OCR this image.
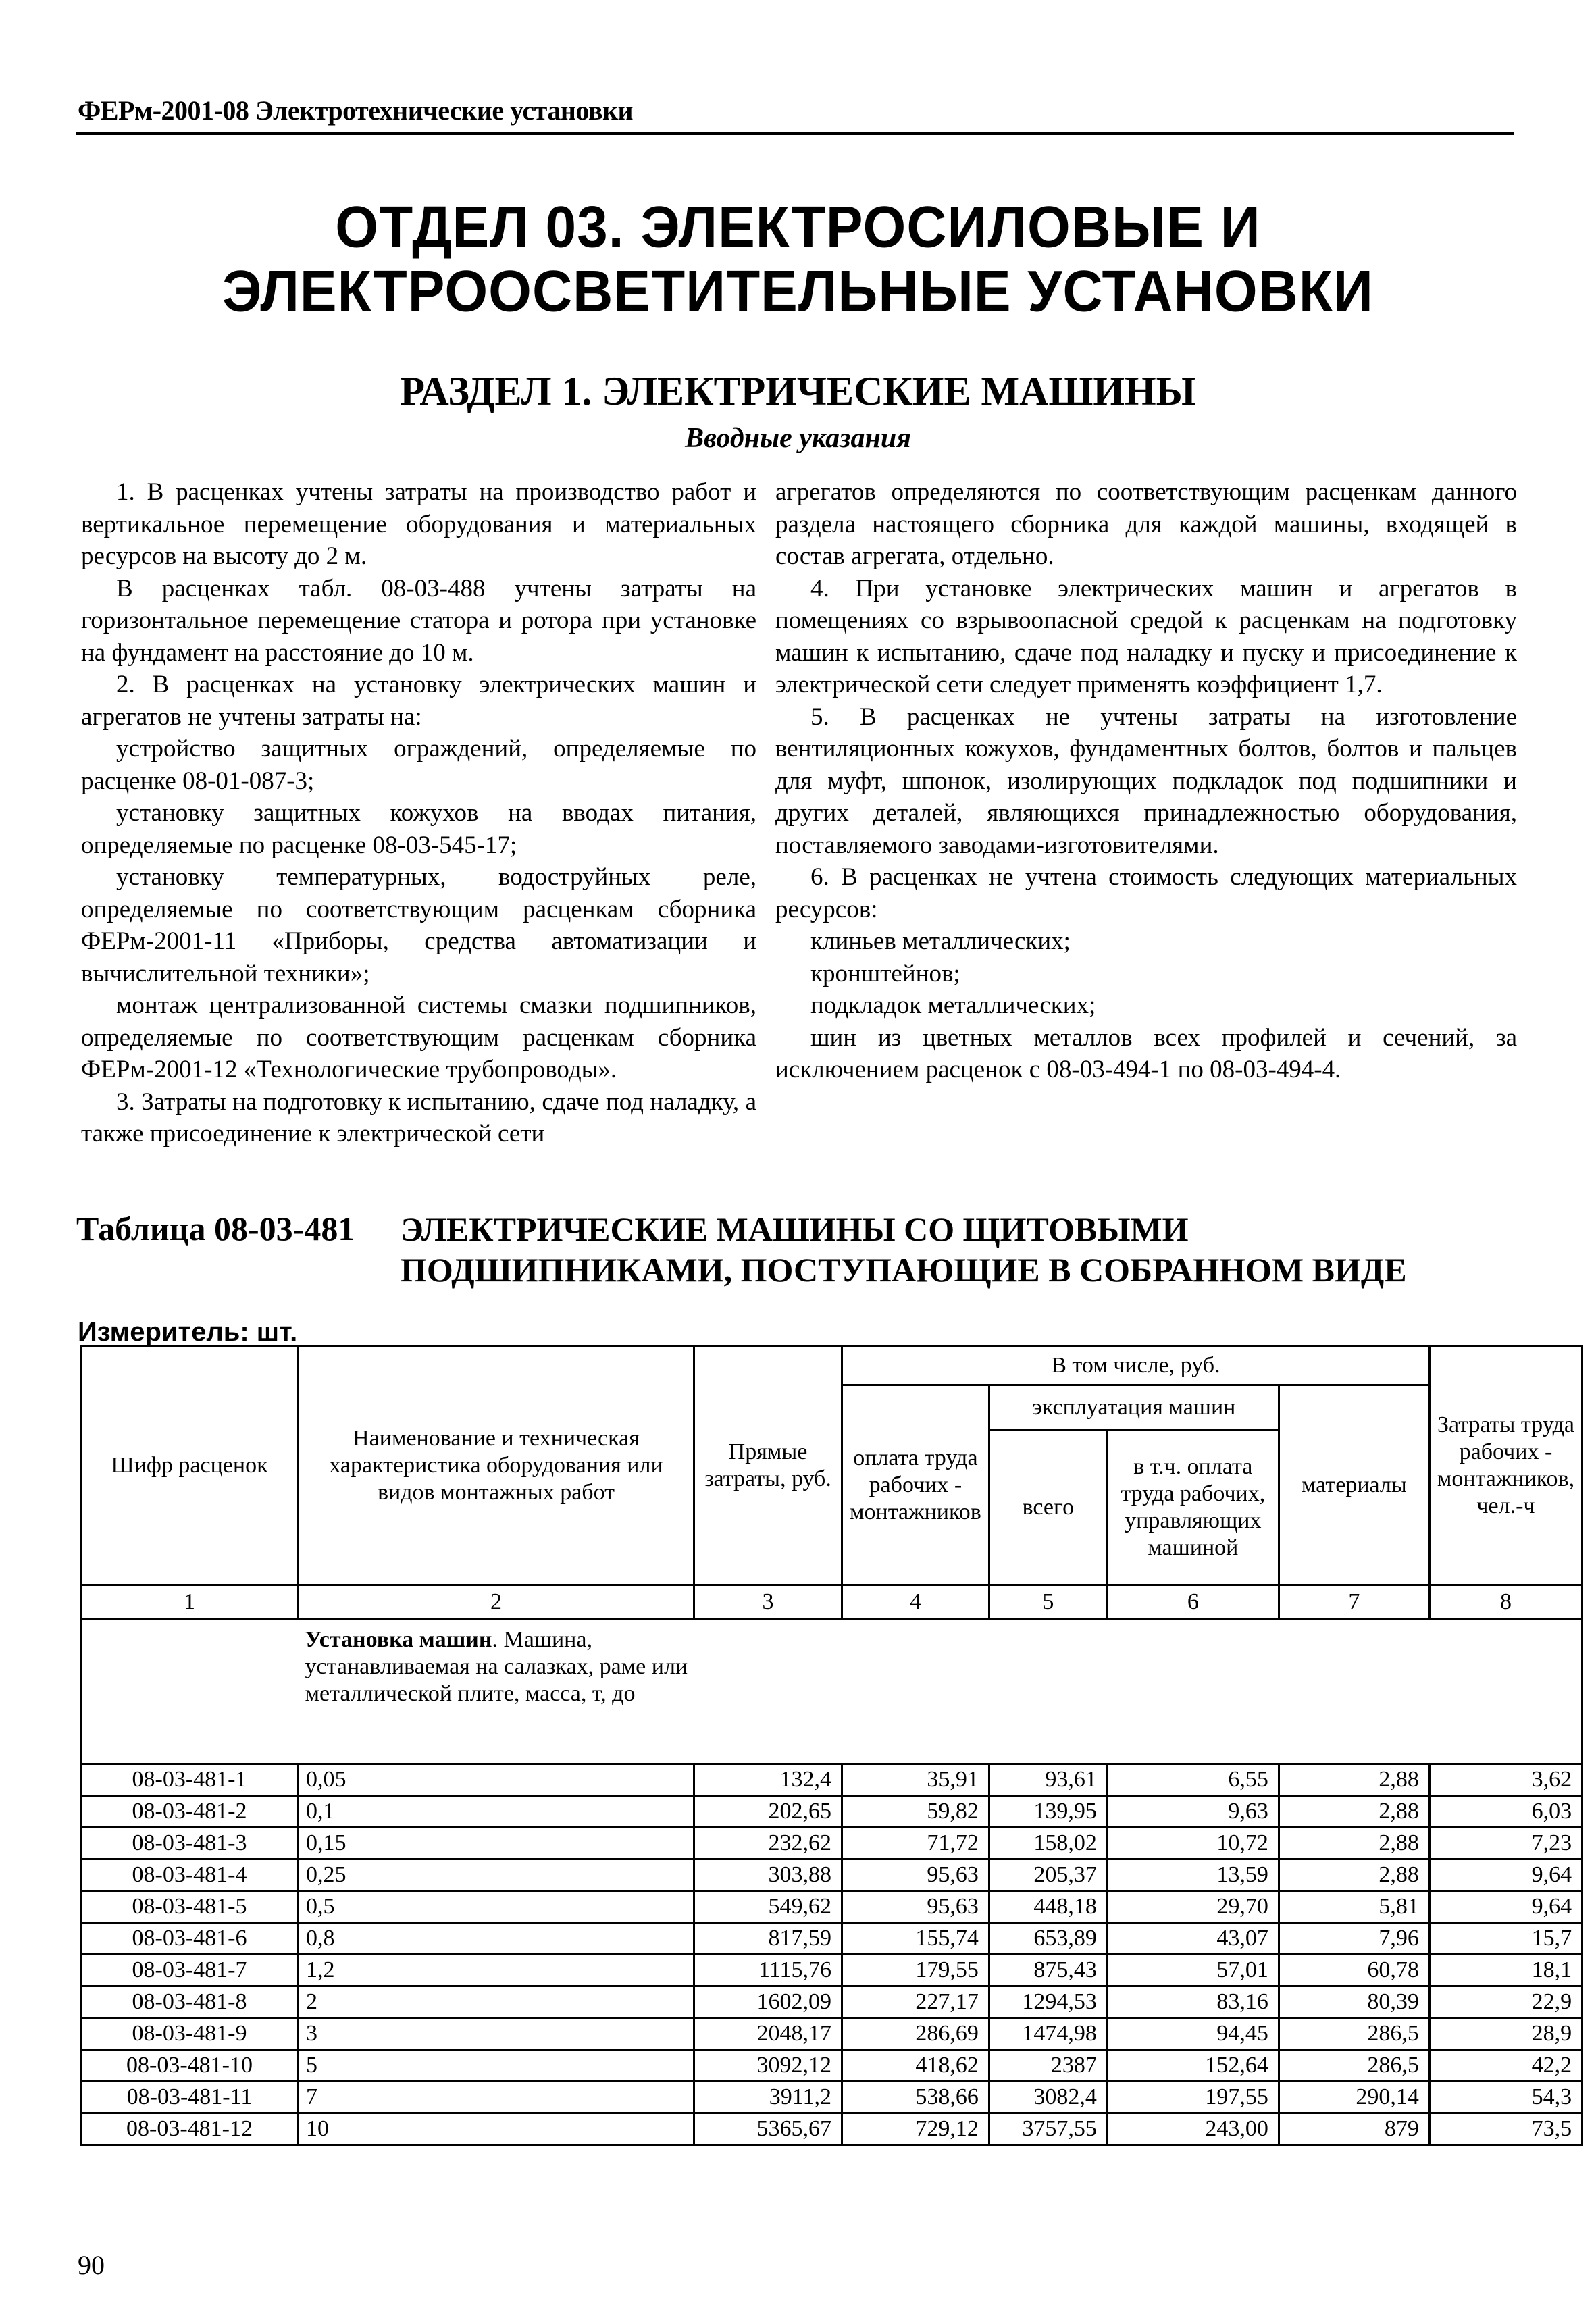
ФЕРм-2001-08 Электротехнические установки
ОТДЕЛ 03. ЭЛЕКТРОСИЛОВЫЕ И
ЭЛЕКТРООСВЕТИТЕЛЬНЫЕ УСТАНОВКИ
РАЗДЕЛ 1. ЭЛЕКТРИЧЕСКИЕ МАШИНЫ
Вводные указания

1. В расценках учтены затраты на производство работ и вертикальное перемещение оборудования и материальных ресурсов на высоту до 2 м.

В расценках табл. 08-03-488 учтены затраты на горизонтальное перемещение статора и ротора при установке на фундамент на расстояние до 10 м.

2. В расценках на установку электрических машин и агрегатов не учтены затраты на:

устройство защитных ограждений, определяемые по расценке 08-01-087-3;

установку защитных кожухов на вводах питания, определяемые по расценке 08-03-545-17;

установку температурных, водоструйных реле, определяемые по соответствующим расценкам сборника ФЕРм-2001-11 «Приборы, средства автоматизации и вычислительной техники»;

монтаж централизованной системы смазки подшипников, определяемые по соответствующим расценкам сборника ФЕРм-2001-12 «Технологические трубопроводы».

3. Затраты на подготовку к испытанию, сдаче под наладку, а также присоединение к электрической сети

агрегатов определяются по соответствующим расценкам данного раздела настоящего сборника для каждой машины, входящей в состав агрегата, отдельно.

4. При установке электрических машин и агрегатов в помещениях со взрывоопасной средой к расценкам на подготовку машин к испытанию, сдаче под наладку и пуску и присоединение к электрической сети следует применять коэффициент 1,7.

5. В расценках не учтены затраты на изготовление вентиляционных кожухов, фундаментных болтов, болтов и пальцев для муфт, шпонок, изолирующих подкладок под подшипники и других деталей, являющихся принадлежностью оборудования, поставляемого заводами-изготовителями.

6. В расценках не учтена стоимость следующих материальных ресурсов:

клиньев металлических;

кронштейнов;

подкладок металлических;

шин из цветных металлов всех профилей и сечений, за исключением расценок с 08-03-494-1 по 08-03-494-4.

Таблица 08-03-481 ЭЛЕКТРИЧЕСКИЕ МАШИНЫ СО ЩИТОВЫМИ
ПОДШИПНИКАМИ, ПОСТУПАЮЩИЕ В СОБРАННОМ ВИДЕ
Измеритель: шт.
Шифр расценок	Наименование и техническая характеристика оборудования или видов монтажных работ	Прямые затраты, руб.	В том числе, руб.				Затраты труда рабочих - монтажников, чел.-ч
			оплата труда рабочих - монтажников	эксплуатация машин		материалы	
				всего	в т.ч. оплата труда рабочих, управляющих машиной		
1	2	3	4	5	6	7	8

	Установка машин. Машина, устанавливаемая на салазках, раме или металлической плите, масса, т, до						

08-03-481-1	0,05	132,4	35,91	93,61	6,55	2,88	3,62
08-03-481-2	0,1	202,65	59,82	139,95	9,63	2,88	6,03
08-03-481-3	0,15	232,62	71,72	158,02	10,72	2,88	7,23
08-03-481-4	0,25	303,88	95,63	205,37	13,59	2,88	9,64
08-03-481-5	0,5	549,62	95,63	448,18	29,70	5,81	9,64
08-03-481-6	0,8	817,59	155,74	653,89	43,07	7,96	15,7
08-03-481-7	1,2	1115,76	179,55	875,43	57,01	60,78	18,1
08-03-481-8	2	1602,09	227,17	1294,53	83,16	80,39	22,9
08-03-481-9	3	2048,17	286,69	1474,98	94,45	286,5	28,9
08-03-481-10	5	3092,12	418,62	2387	152,64	286,5	42,2
08-03-481-11	7	3911,2	538,66	3082,4	197,55	290,14	54,3
08-03-481-12	10	5365,67	729,12	3757,55	243,00	879	73,5
90
